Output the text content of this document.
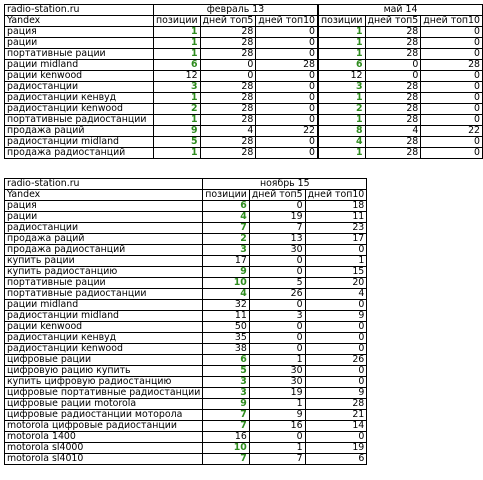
radio-station.ru	февраль 13			май 14		
Yandex	позиции	дней топ5	дней топ10	позиции	дней топ5	дней топ10
рация	1	28	0	1	28	0
рации	1	28	0	1	28	0
портативные рации	1	28	0	1	28	0
рации midland	6	0	28	6	0	28
рации kenwood	12	0	0	12	0	0
радиостанции	3	28	0	3	28	0
радиостанции кенвуд	1	28	0	1	28	0
радиостанции kenwood	2	28	0	2	28	0
портативные радиостанции	1	28	0	1	28	0
продажа раций	9	4	22	8	4	22
радиостанции midland	5	28	0	4	28	0
продажа радиостанций	1	28	0	1	28	0
radio-station.ru	ноябрь 15		
Yandex	позиции	дней топ5	дней топ10
рация	6	0	18
рации	4	19	11
радиостанции	7	7	23
продажа раций	2	13	17
продажа радиостанций	3	30	0
купить рации	17	0	1
купить радиостанцию	9	0	15
портативные рации	10	5	20
портативные радиостанции	4	26	4
рации midland	32	0	0
радиостанции midland	11	3	9
рации kenwood	50	0	0
радиостанции кенвуд	35	0	0
радиостанции kenwood	38	0	0
цифровые рации	6	1	26
цифровую рацию купить	5	30	0
купить цифровую радиостанцию	3	30	0
цифровые портативные радиостанции	3	19	9
цифровые рации motorola	9	1	28
цифровые радиостанции моторола	7	9	21
motorola цифровые радиостанции	7	16	14
motorola 1400	16	0	0
motorola sl4000	10	1	19
motorola sl4010	7	7	6
